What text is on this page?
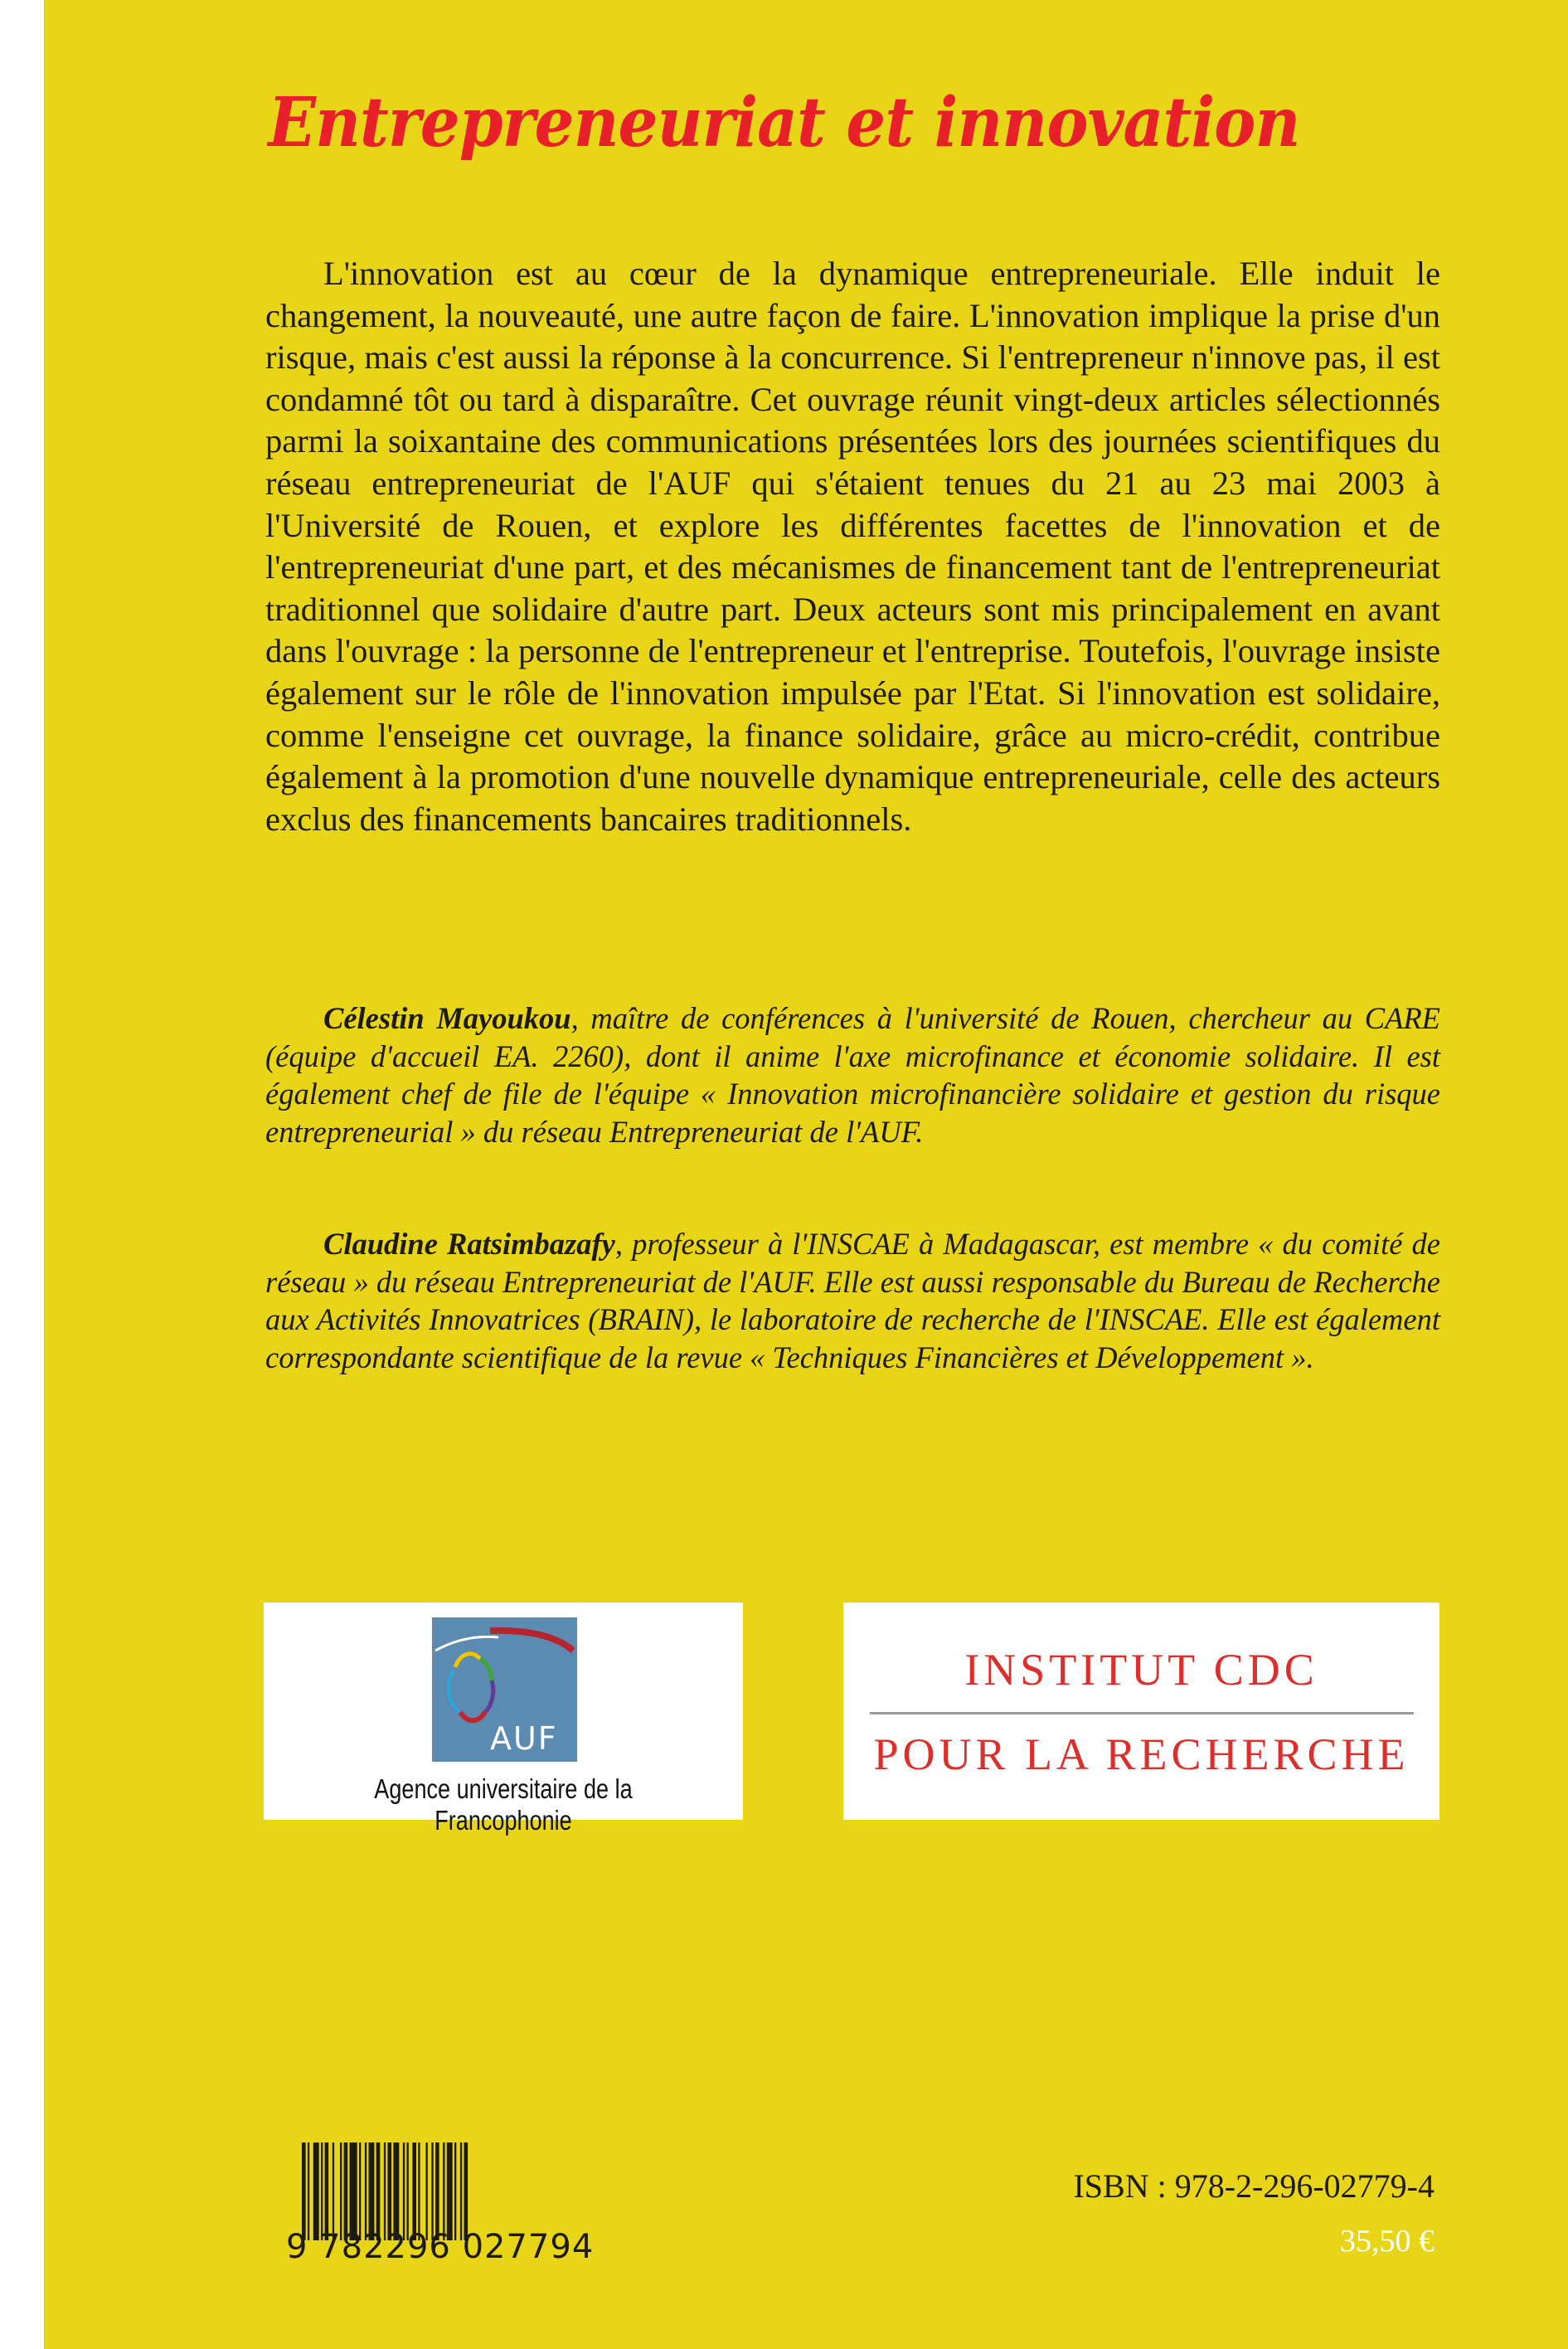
Entrepreneuriat et innovation

L'innovation est au cœur de la dynamique entrepreneuriale. Elle induit le changement, la nouveauté, une autre façon de faire. L'innovation implique la prise d'un risque, mais c'est aussi la réponse à la concurrence. Si l'entrepreneur n'innove pas, il est condamné tôt ou tard à disparaître. Cet ouvrage réunit vingt-deux articles sélectionnés parmi la soixantaine des communications présentées lors des journées scientifiques du réseau entrepreneuriat de l'AUF qui s'étaient tenues du 21 au 23 mai 2003 à l'Université de Rouen, et explore les différentes facettes de l'innovation et de l'entrepreneuriat d'une part, et des mécanismes de financement tant de l'entrepreneuriat traditionnel que solidaire d'autre part. Deux acteurs sont mis principalement en avant dans l'ouvrage : la personne de l'entrepreneur et l'entreprise. Toutefois, l'ouvrage insiste également sur le rôle de l'innovation impulsée par l'Etat. Si l'innovation est solidaire, comme l'enseigne cet ouvrage, la finance solidaire, grâce au micro-crédit, contribue également à la promotion d'une nouvelle dynamique entrepreneuriale, celle des acteurs exclus des financements bancaires traditionnels.

Célestin Mayoukou, maître de conférences à l'université de Rouen, chercheur au CARE (équipe d'accueil EA. 2260), dont il anime l'axe microfinance et économie solidaire. Il est également chef de file de l'équipe « Innovation microfinancière solidaire et gestion du risque entrepreneurial » du réseau Entrepreneuriat de l'AUF.

Claudine Ratsimbazafy, professeur à l'INSCAE à Madagascar, est membre « du comité de réseau » du réseau Entrepreneuriat de l'AUF. Elle est aussi responsable du Bureau de Recherche aux Activités Innovatrices (BRAIN), le laboratoire de recherche de l'INSCAE. Elle est également correspondante scientifique de la revue « Techniques Financières et Développement ».

AUF
Agence universitaire de la Francophonie
INSTITUT CDC
POUR LA RECHERCHE
9 782296 027794
ISBN : 978-2-296-02779-4
35,50 €
